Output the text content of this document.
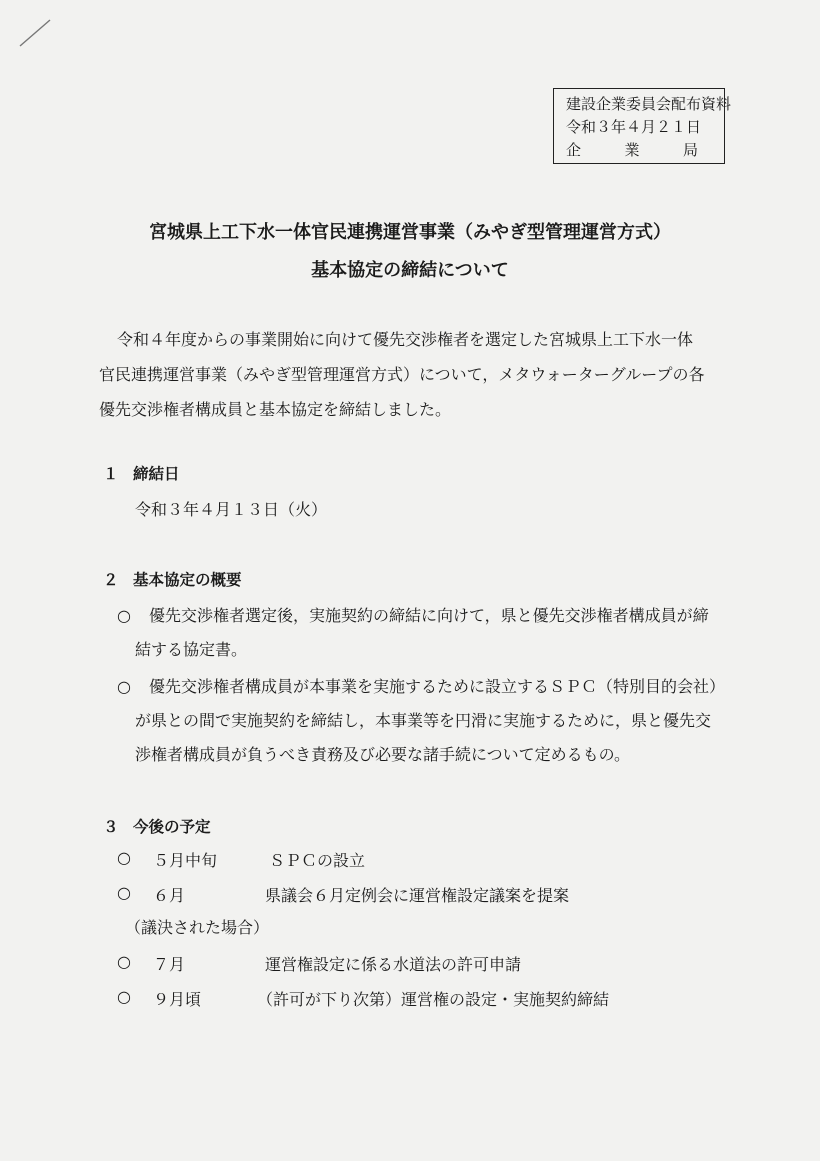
建設企業委員会配布資料
令和３年４月２１日
企	業	局
宮城県上工下水一体官民連携運営事業（みやぎ型管理運営方式）
基本協定の締結について

令和４年度からの事業開始に向けて優先交渉権者を選定した宮城県上工下水一体

官民連携運営事業（みやぎ型管理運営方式）について，メタウォーターグループの各

優先交渉権者構成員と基本協定を締結しました。

１ 締結日
令和３年４月１３日（火）
２ 基本協定の概要

○ 優先交渉権者選定後，実施契約の締結に向けて，県と優先交渉権者構成員が締

結する協定書。

○ 優先交渉権者構成員が本事業を実施するために設立するＳＰＣ（特別目的会社）

が県との間で実施契約を締結し，本事業等を円滑に実施するために，県と優先交

渉権者構成員が負うべき責務及び必要な諸手続について定めるもの。

３ 今後の予定
○ ５月中旬	ＳＰＣの設立
○ ６月	県議会６月定例会に運営権設定議案を提案
（議決された場合）
○ ７月	運営権設定に係る水道法の許可申請
○ ９月頃	（許可が下り次第）運営権の設定・実施契約締結
